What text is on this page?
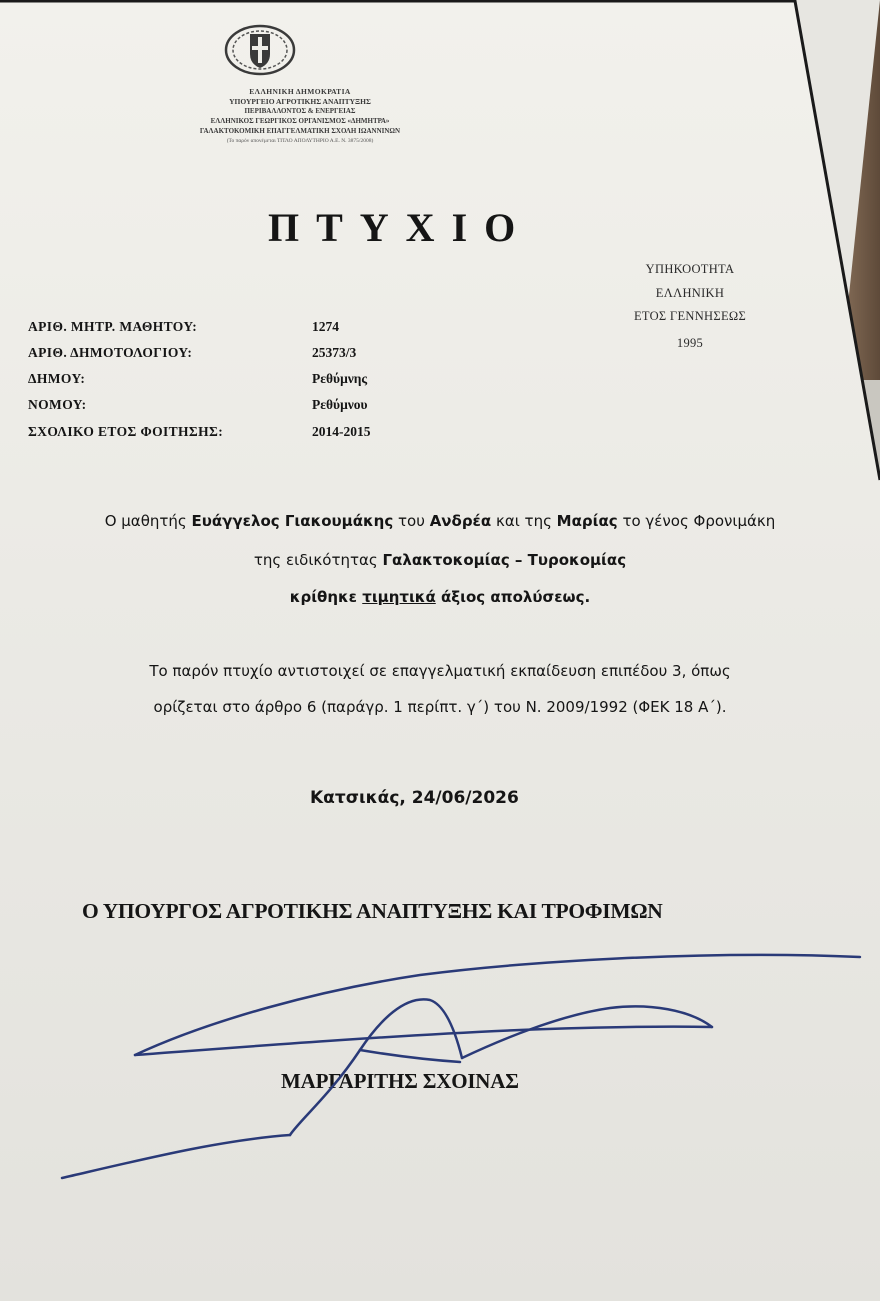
ΕΛΛΗΝΙΚΗ ΔΗΜΟΚΡΑΤΙΑ
ΥΠΟΥΡΓΕΙΟ ΑΓΡΟΤΙΚΗΣ ΑΝΑΠΤΥΞΗΣ
ΠΕΡΙΒΑΛΛΟΝΤΟΣ & ΕΝΕΡΓΕΙΑΣ
ΕΛΛΗΝΙΚΟΣ ΓΕΩΡΓΙΚΟΣ ΟΡΓΑΝΙΣΜΟΣ «ΔΗΜΗΤΡΑ»
ΓΑΛΑΚΤΟΚΟΜΙΚΗ ΕΠΑΓΓΕΛΜΑΤΙΚΗ ΣΧΟΛΗ ΙΩΑΝΝΙΝΩΝ
(Το παρόν απονέμεται ΤΙΤΛΟ ΑΠΟΛΥΤΗΡΙΟ Α.Ε. Ν. 3875/2008)
ΠΤΥΧΙΟ
ΥΠΗΚΟΟΤΗΤΑ
ΕΛΛΗΝΙΚΗ
ΕΤΟΣ ΓΕΝΝΗΣΕΩΣ
1995
ΑΡΙΘ. ΜΗΤΡ. ΜΑΘΗΤΟΥ:	1274
ΑΡΙΘ. ΔΗΜΟΤΟΛΟΓΙΟΥ:	25373/3
ΔΗΜΟΥ:	Ρεθύμνης
ΝΟΜΟΥ:	Ρεθύμνου
ΣΧΟΛΙΚΟ ΕΤΟΣ ΦΟΙΤΗΣΗΣ:	2014-2015
Ο μαθητής Ευάγγελος Γιακουμάκης του Ανδρέα και της Μαρίας το γένος Φρονιμάκη
της ειδικότητας Γαλακτοκομίας – Τυροκομίας
κρίθηκε τιμητικά άξιος απολύσεως.
Το παρόν πτυχίο αντιστοιχεί σε επαγγελματική εκπαίδευση επιπέδου 3, όπως
ορίζεται στο άρθρο 6 (παράγρ. 1 περίπτ. γ΄) του Ν. 2009/1992 (ΦΕΚ 18 Α΄).
Κατσικάς, 24/06/2026
Ο ΥΠΟΥΡΓΟΣ ΑΓΡΟΤΙΚΗΣ ΑΝΑΠΤΥΞΗΣ ΚΑΙ ΤΡΟΦΙΜΩΝ
ΜΑΡΓΑΡΙΤΗΣ ΣΧΟΙΝΑΣ
